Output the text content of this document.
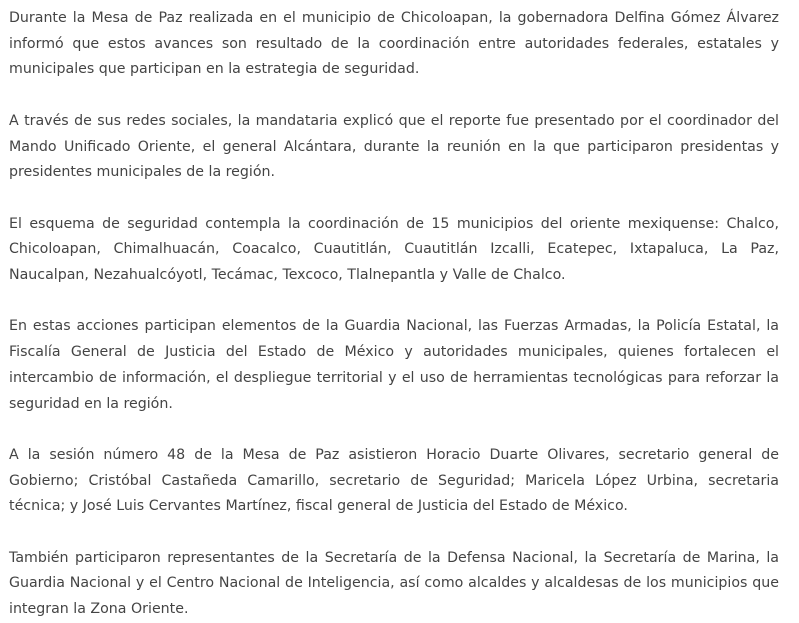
Durante la Mesa de Paz realizada en el municipio de Chicoloapan, la gobernadora Delfina Gómez Álvarez informó que estos avances son resultado de la coordinación entre autoridades federales, estatales y municipales que participan en la estrategia de seguridad.

A través de sus redes sociales, la mandataria explicó que el reporte fue presentado por el coordinador del Mando Unificado Oriente, el general Alcántara, durante la reunión en la que participaron presidentas y presidentes municipales de la región.

El esquema de seguridad contempla la coordinación de 15 municipios del oriente mexiquense: Chalco, Chicoloapan, Chimalhuacán, Coacalco, Cuautitlán, Cuautitlán Izcalli, Ecatepec, Ixtapaluca, La Paz, Naucalpan, Nezahualcóyotl, Tecámac, Texcoco, Tlalnepantla y Valle de Chalco.

En estas acciones participan elementos de la Guardia Nacional, las Fuerzas Armadas, la Policía Estatal, la Fiscalía General de Justicia del Estado de México y autoridades municipales, quienes fortalecen el intercambio de información, el despliegue territorial y el uso de herramientas tecnológicas para reforzar la seguridad en la región.

A la sesión número 48 de la Mesa de Paz asistieron Horacio Duarte Olivares, secretario general de Gobierno; Cristóbal Castañeda Camarillo, secretario de Seguridad; Maricela López Urbina, secretaria técnica; y José Luis Cervantes Martínez, fiscal general de Justicia del Estado de México.

También participaron representantes de la Secretaría de la Defensa Nacional, la Secretaría de Marina, la Guardia Nacional y el Centro Nacional de Inteligencia, así como alcaldes y alcaldesas de los municipios que integran la Zona Oriente.
